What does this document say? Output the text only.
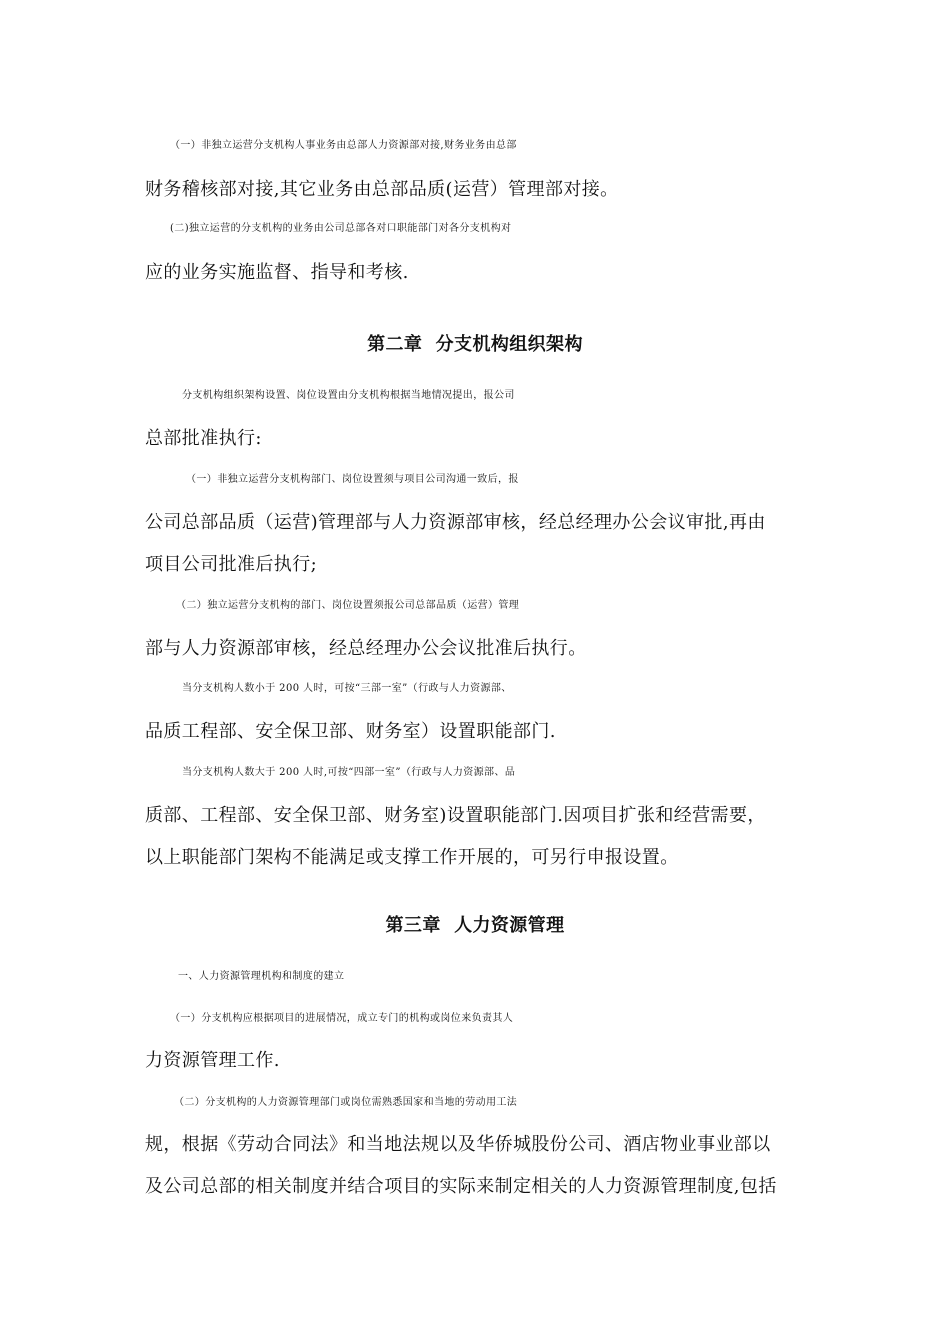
（一）非独立运营分支机构人事业务由总部人力资源部对接,财务业务由总部
财务稽核部对接,其它业务由总部品质(运营）管理部对接。
(二)独立运营的分支机构的业务由公司总部各对口职能部门对各分支机构对
应的业务实施监督、指导和考核.
第二章  分支机构组织架构
分支机构组织架构设置、岗位设置由分支机构根据当地情况提出，报公司
总部批准执行:
（一）非独立运营分支机构部门、岗位设置须与项目公司沟通一致后，报
公司总部品质（运营)管理部与人力资源部审核，经总经理办公会议审批,再由
项目公司批准后执行;
（二）独立运营分支机构的部门、岗位设置须报公司总部品质（运营）管理
部与人力资源部审核，经总经理办公会议批准后执行。
当分支机构人数小于 200 人时，可按“三部一室”（行政与人力资源部、
品质工程部、安全保卫部、财务室）设置职能部门.
当分支机构人数大于 200 人时,可按“四部一室”（行政与人力资源部、品
质部、工程部、安全保卫部、财务室)设置职能部门.因项目扩张和经营需要，
以上职能部门架构不能满足或支撑工作开展的，可另行申报设置。
第三章  人力资源管理
一、人力资源管理机构和制度的建立
（一）分支机构应根据项目的进展情况，成立专门的机构或岗位来负责其人
力资源管理工作.
（二）分支机构的人力资源管理部门或岗位需熟悉国家和当地的劳动用工法
规，根据《劳动合同法》和当地法规以及华侨城股份公司、酒店物业事业部以
及公司总部的相关制度并结合项目的实际来制定相关的人力资源管理制度,包括
